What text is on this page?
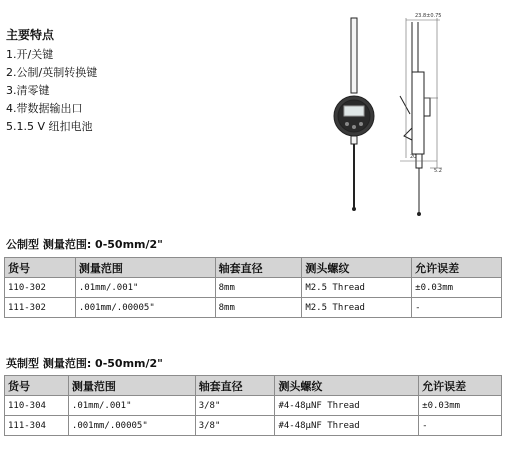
主要特点
1.开/关键
2.公制/英制转换键
3.清零键
4.带数据输出口
5.1.5 V 纽扣电池
23.8±0.75
20
5.2
公制型 测量范围: 0-50mm/2"
货号	测量范围	轴套直径	测头螺纹	允许误差
110-302	.01mm/.001"	8mm	M2.5 Thread	±0.03mm
111-302	.001mm/.00005"	8mm	M2.5 Thread	-
英制型 测量范围: 0-50mm/2"
货号	测量范围	轴套直径	测头螺纹	允许误差
110-304	.01mm/.001"	3/8"	#4-48μNF Thread	±0.03mm
111-304	.001mm/.00005"	3/8"	#4-48μNF Thread	-
